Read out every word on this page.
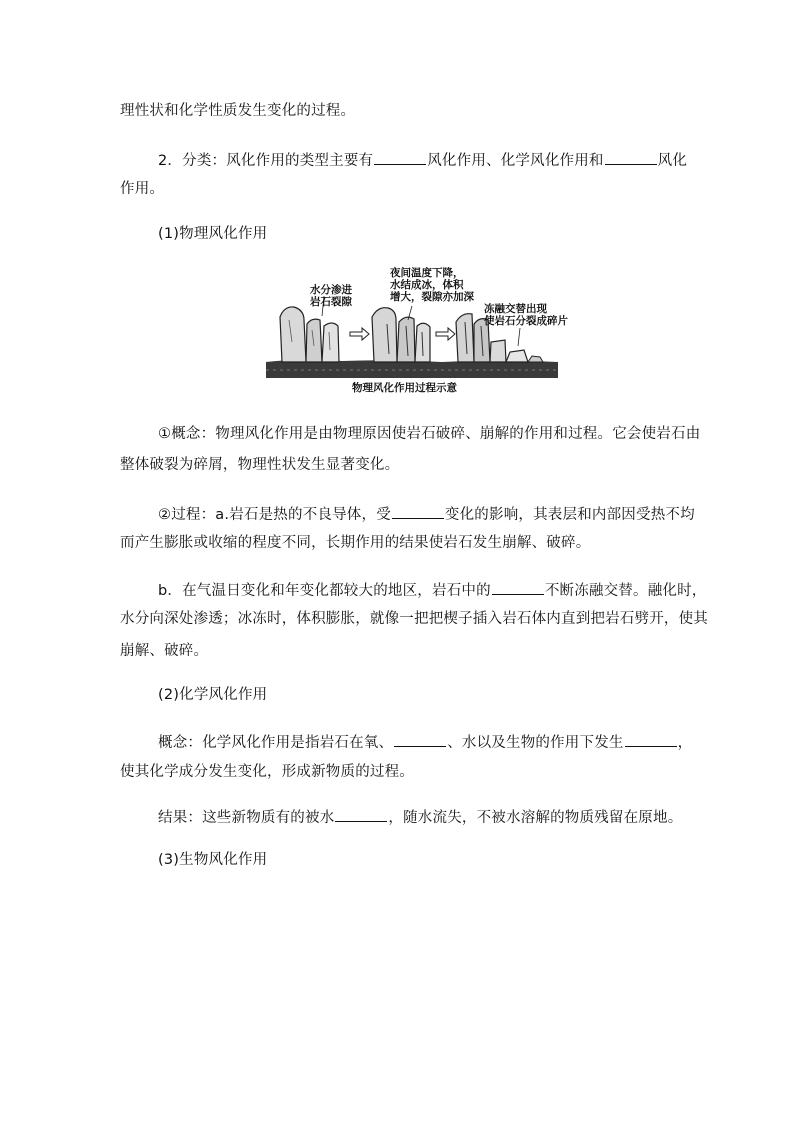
理性状和化学性质发生变化的过程。
2．分类：风化作用的类型主要有	风化作用、化学风化作用和	风化
作用。
(1)物理风化作用
水分渗进
岩石裂隙
夜间温度下降，
水结成冰，体积
增大，裂隙亦加深
冻融交替出现
使岩石分裂成碎片
物理风化作用过程示意
①概念：物理风化作用是由物理原因使岩石破碎、崩解的作用和过程。它会使岩石由
整体破裂为碎屑，物理性状发生显著变化。
②过程：a.岩石是热的不良导体，受	变化的影响，其表层和内部因受热不均
而产生膨胀或收缩的程度不同，长期作用的结果使岩石发生崩解、破碎。
b．在气温日变化和年变化都较大的地区，岩石中的	不断冻融交替。融化时，
水分向深处渗透；冰冻时，体积膨胀，就像一把把楔子插入岩石体内直到把岩石劈开，使其
崩解、破碎。
(2)化学风化作用
概念：化学风化作用是指岩石在氧、	、水以及生物的作用下发生	，
使其化学成分发生变化，形成新物质的过程。
结果：这些新物质有的被水	，随水流失，不被水溶解的物质残留在原地。
(3)生物风化作用
